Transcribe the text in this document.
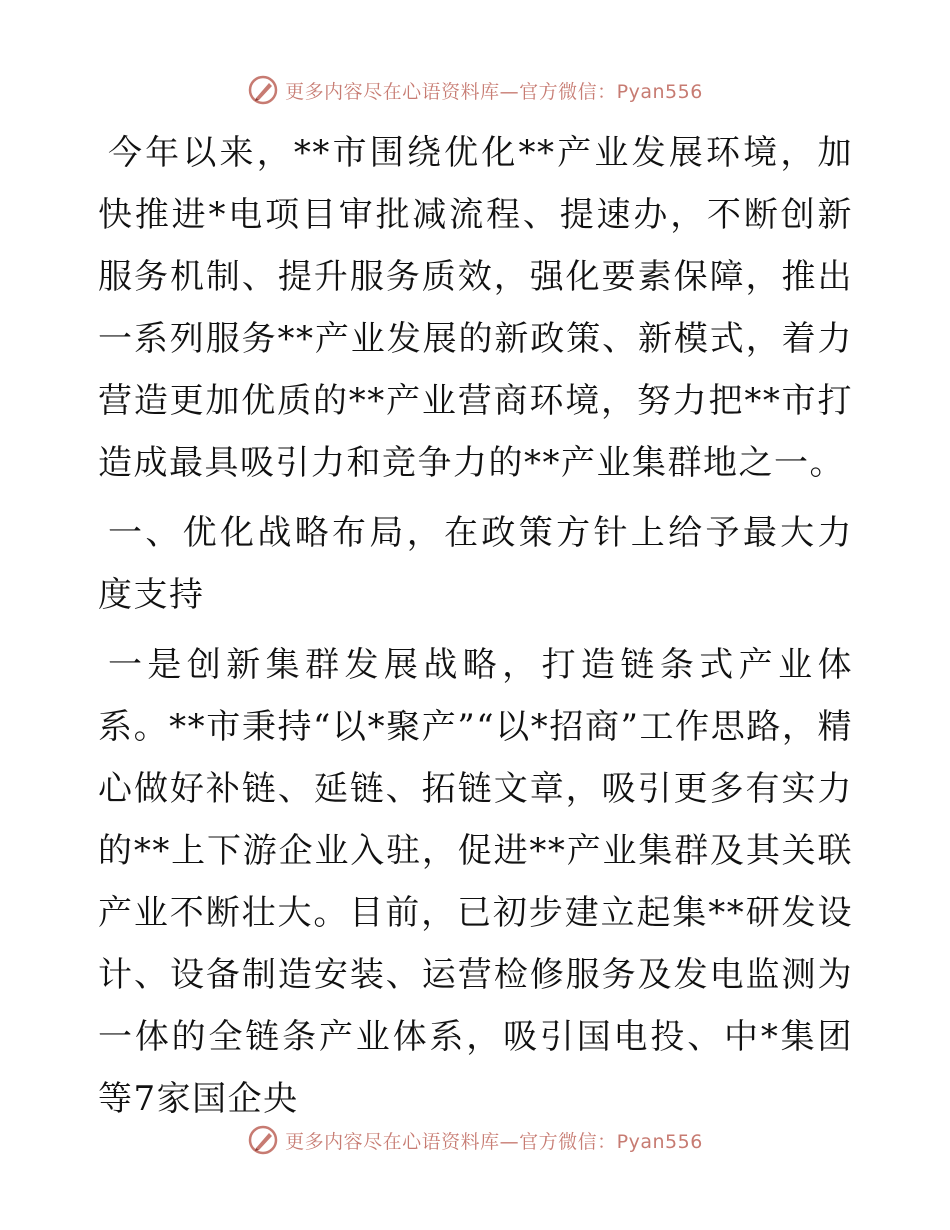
更多内容尽在心语资料库—官方微信：Pyan556

今年以来，**市围绕优化**产业发展环境，加快推进*电项目审批减流程、提速办，不断创新服务机制、提升服务质效，强化要素保障，推出一系列服务**产业发展的新政策、新模式，着力营造更加优质的**产业营商环境，努力把**市打造成最具吸引力和竞争力的**产业集群地之一。

一、优化战略布局，在政策方针上给予最大力度支持

一是创新集群发展战略，打造链条式产业体系。**市秉持“以*聚产”“以*招商”工作思路，精心做好补链、延链、拓链文章，吸引更多有实力的**上下游企业入驻，促进**产业集群及其关联产业不断壮大。目前，已初步建立起集**研发设计、设备制造安装、运营检修服务及发电监测为一体的全链条产业体系，吸引国电投、中*集团等7家国企央

更多内容尽在心语资料库—官方微信：Pyan556
